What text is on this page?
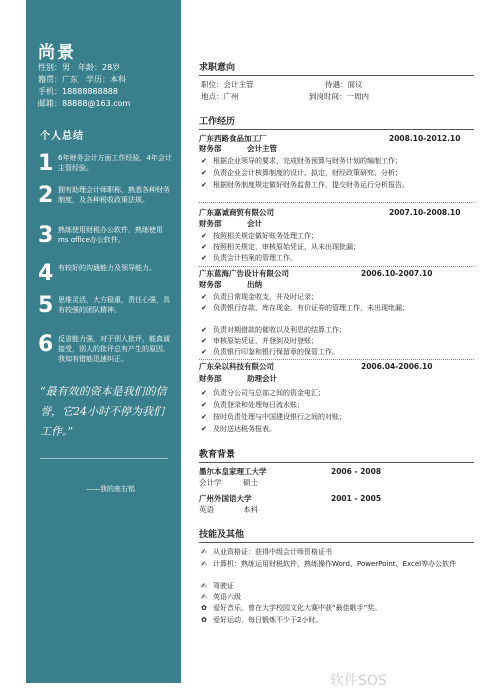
尚景
性别：男 年龄：28岁
籍贯：广东 学历：本科
手机：18888888888
邮箱：88888@163.com
个人总结
1 6年财务会计方面工作经验，4年会计主管经验。
2 拥有助理会计师职称，熟悉各种财务制度，及各种税收政策法规。
3 熟练使用财税办公软件，熟练使用ms office办公软件。
4 有较好的沟通能力及领导能力。
5 思维灵活，大方稳重，责任心强，具有较强的团队精神。
6 反省能力强，对于别人批评，能真诚接受，别人的批评总有产生的原因，我知有错能迅速纠正。
“最有效的资本是我们的信誉，它24小时不停为我们工作。”
——我的座右铭
求职意向
职位：会计主管	待遇：面议
地点：广州	到岗时间：一周内
工作经历
广东西路食品加工厂	2008.10-2012.10
财务部	会计主管
✔ 根据企业领导的要求，完成财务预算与财务计划的编制工作；
✔ 负责企业会计核算制度的设计、拟定，财经政策研究、分析；
✔ 根据财务制度规定做好财务监督工作，提交财务运行分析报告。
广东嘉诚商贸有限公司	2007.10-2008.10
财务部	会计
✔ 按照相关规定做好账务处理工作；
✔ 按照相关规定，审核原始凭证，从未出现批漏；
✔ 负责会计档案的管理工作。
广东蓝海广告设计有限公司	2006.10-2007.10
财务部	出纳
✔ 负责日常现金收支，并及时记录；
✔ 负责银行存款、库存现金、有价证券的管理工作，未出现纰漏；
✔ 负责对期借款的催收以及利息的结算工作；
✔ 审核原始凭证，并登到及时登账；
✔ 负责银行印鉴和银行保留章的保管工作。
广东朵以科技有限公司	2006.04-2006.10
财务部	助理会计
✔ 负责分公司与总部之间的资金电汇；
✔ 负责登录和处理每日流水账；
✔ 按时负责处理与中国建设银行之间的对账；
✔ 及时送达税务报表。
教育背景
墨尔本皇家理工大学	2006 - 2008
会计学	硕士
广州外国语大学	2001 - 2005
英语	本科
技能及其他
✍ 从业资格证：获得中级会计师资格证书
✍ 计算机：熟练运用财税软件，熟练操作Word、PowerPoint、Excel等办公软件
✍ 驾驶证
✍ 英语六级
✿ 爱好音乐，曾在大学校园文化大赛中获“最佳歌手”奖。
✿ 爱好运动，每日锻炼不少于2小时。
软件SOS
